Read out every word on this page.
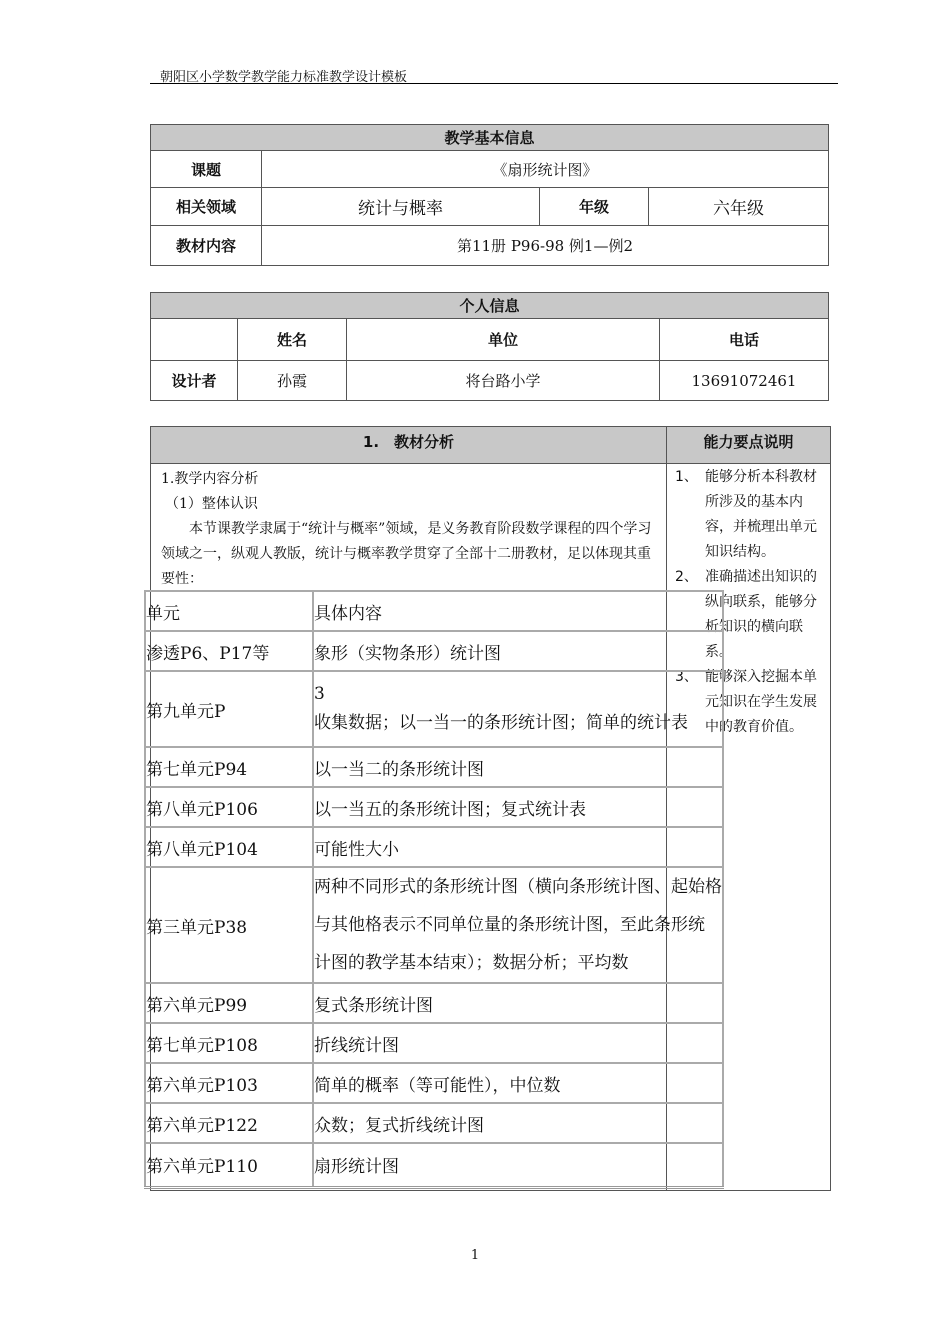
朝阳区小学数学教学能力标准教学设计模板
教学基本信息			
课题	《扇形统计图》		
相关领域	统计与概率	年级	六年级
教材内容	第11册 P96-98 例1—例2		
个人信息			
	姓名	单位	电话
设计者	孙霞	将台路小学	13691072461
1.　教材分析	能力要点说明

1.教学内容分析

（1）整体认识

本节课教学隶属于“统计与概率”领域，是义务教育阶段数学课程的四个学习领域之一，纵观人教版，统计与概率教学贯穿了全部十二册教材，足以体现其重要性：

1、 能够分析本科教材所涉及的基本内容，并梳理出单元知识结构。
2、 准确描述出知识的纵向联系，能够分析知识的横向联系。
3、 能够深入挖掘本单元知识在学生发展中的教育价值。
单元	具体内容
渗透P6、P17等	象形（实物条形）统计图
第九单元P	3
收集数据；以一当一的条形统计图；简单的统计表

第七单元P94	以一当二的条形统计图
第八单元P106	以一当五的条形统计图；复式统计表
第八单元P104	可能性大小
第三单元P38	两种不同形式的条形统计图（横向条形统计图、起始格
与其他格表示不同单位量的条形统计图，至此条形统
计图的教学基本结束）；数据分析；平均数

第六单元P99	复式条形统计图
第七单元P108	折线统计图
第六单元P103	简单的概率（等可能性），中位数
第六单元P122	众数；复式折线统计图
第六单元P110	扇形统计图
1
